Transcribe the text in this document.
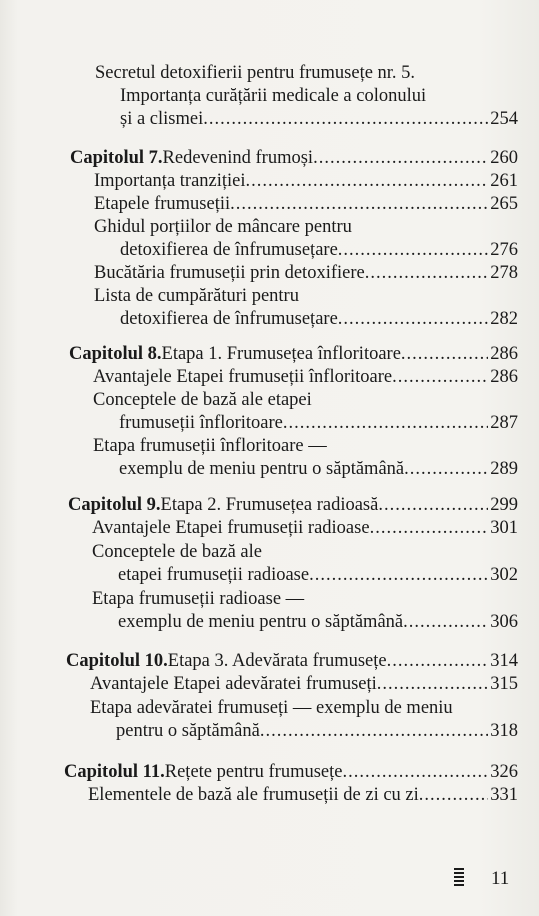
Secretul detoxifierii pentru frumusețe nr. 5.
Importanța curățării medicale a colonului
și a clismei .....	254
Capitolul 7. Redevenind frumoși .....	260
Importanța tranziției .....	261
Etapele frumuseții .....	265
Ghidul porțiilor de mâncare pentru
detoxifierea de înfrumusețare .....	276
Bucătăria frumuseții prin detoxifiere .....	278
Lista de cumpărături pentru
detoxifierea de înfrumusețare .....	282
Capitolul 8. Etapa 1. Frumusețea înfloritoare .....	286
Avantajele Etapei frumuseții înfloritoare .....	286
Conceptele de bază ale etapei
frumuseții înfloritoare .....	287
Etapa frumuseții înfloritoare —
exemplu de meniu pentru o săptămână .....	289
Capitolul 9. Etapa 2. Frumusețea radioasă .....	299
Avantajele Etapei frumuseții radioase .....	301
Conceptele de bază ale
etapei frumuseții radioase .....	302
Etapa frumuseții radioase —
exemplu de meniu pentru o săptămână .....	306
Capitolul 10. Etapa 3. Adevărata frumusețe .....	314
Avantajele Etapei adevăratei frumuseți .....	315
Etapa adevăratei frumuseți — exemplu de meniu
pentru o săptămână .....	318
Capitolul 11. Rețete pentru frumusețe .....	326
Elementele de bază ale frumuseții de zi cu zi .....	331
11
